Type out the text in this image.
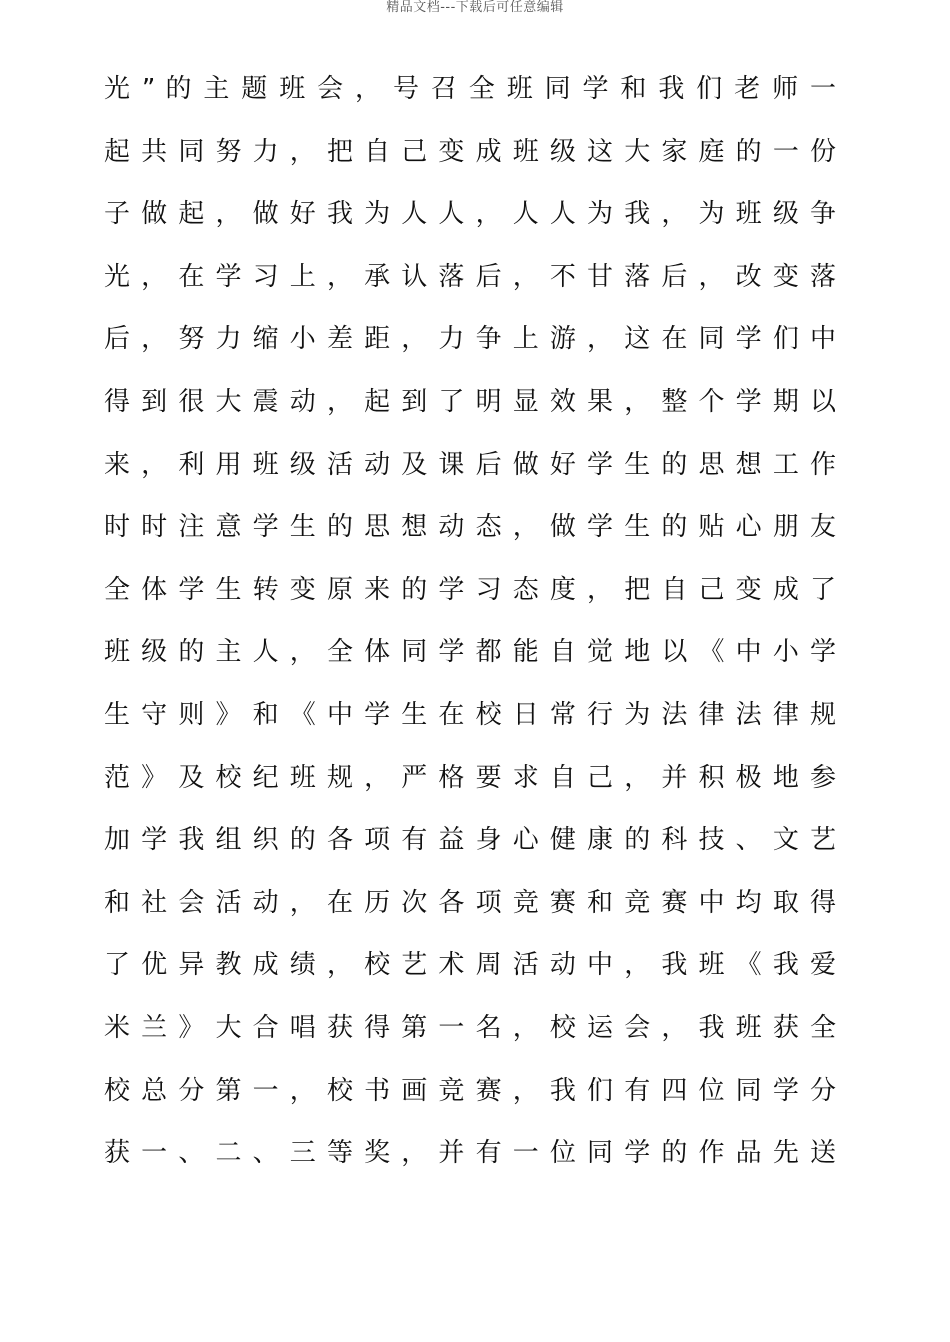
精品文档---下载后可任意编辑
光 ” 的 主 题 班 会 ， 号 召 全 班 同 学 和 我 们 老 师 一
起 共 同 努 力 ， 把 自 己 变 成 班 级 这 大 家 庭 的 一 份
子 做 起 ， 做 好 我 为 人 人 ， 人 人 为 我 ， 为 班 级 争
光 ， 在 学 习 上 ， 承 认 落 后 ， 不 甘 落 后 ， 改 变 落
后 ， 努 力 缩 小 差 距 ， 力 争 上 游 ， 这 在 同 学 们 中
得 到 很 大 震 动 ， 起 到 了 明 显 效 果 ， 整 个 学 期 以
来 ， 利 用 班 级 活 动 及 课 后 做 好 学 生 的 思 想 工 作
时 时 注 意 学 生 的 思 想 动 态 ， 做 学 生 的 贴 心 朋 友
全 体 学 生 转 变 原 来 的 学 习 态 度 ， 把 自 己 变 成 了
班 级 的 主 人 ， 全 体 同 学 都 能 自 觉 地 以 《 中 小 学
生 守 则 》 和 《 中 学 生 在 校 日 常 行 为 法 律 法 律 规
范 》 及 校 纪 班 规 ， 严 格 要 求 自 己 ， 并 积 极 地 参
加 学 我 组 织 的 各 项 有 益 身 心 健 康 的 科 技 、 文 艺
和 社 会 活 动 ， 在 历 次 各 项 竞 赛 和 竞 赛 中 均 取 得
了 优 异 教 成 绩 ， 校 艺 术 周 活 动 中 ， 我 班 《 我 爱
米 兰 》 大 合 唱 获 得 第 一 名 ， 校 运 会 ， 我 班 获 全
校 总 分 第 一 ， 校 书 画 竞 赛 ， 我 们 有 四 位 同 学 分
获 一 、 二 、 三 等 奖 ， 并 有 一 位 同 学 的 作 品 先 送
